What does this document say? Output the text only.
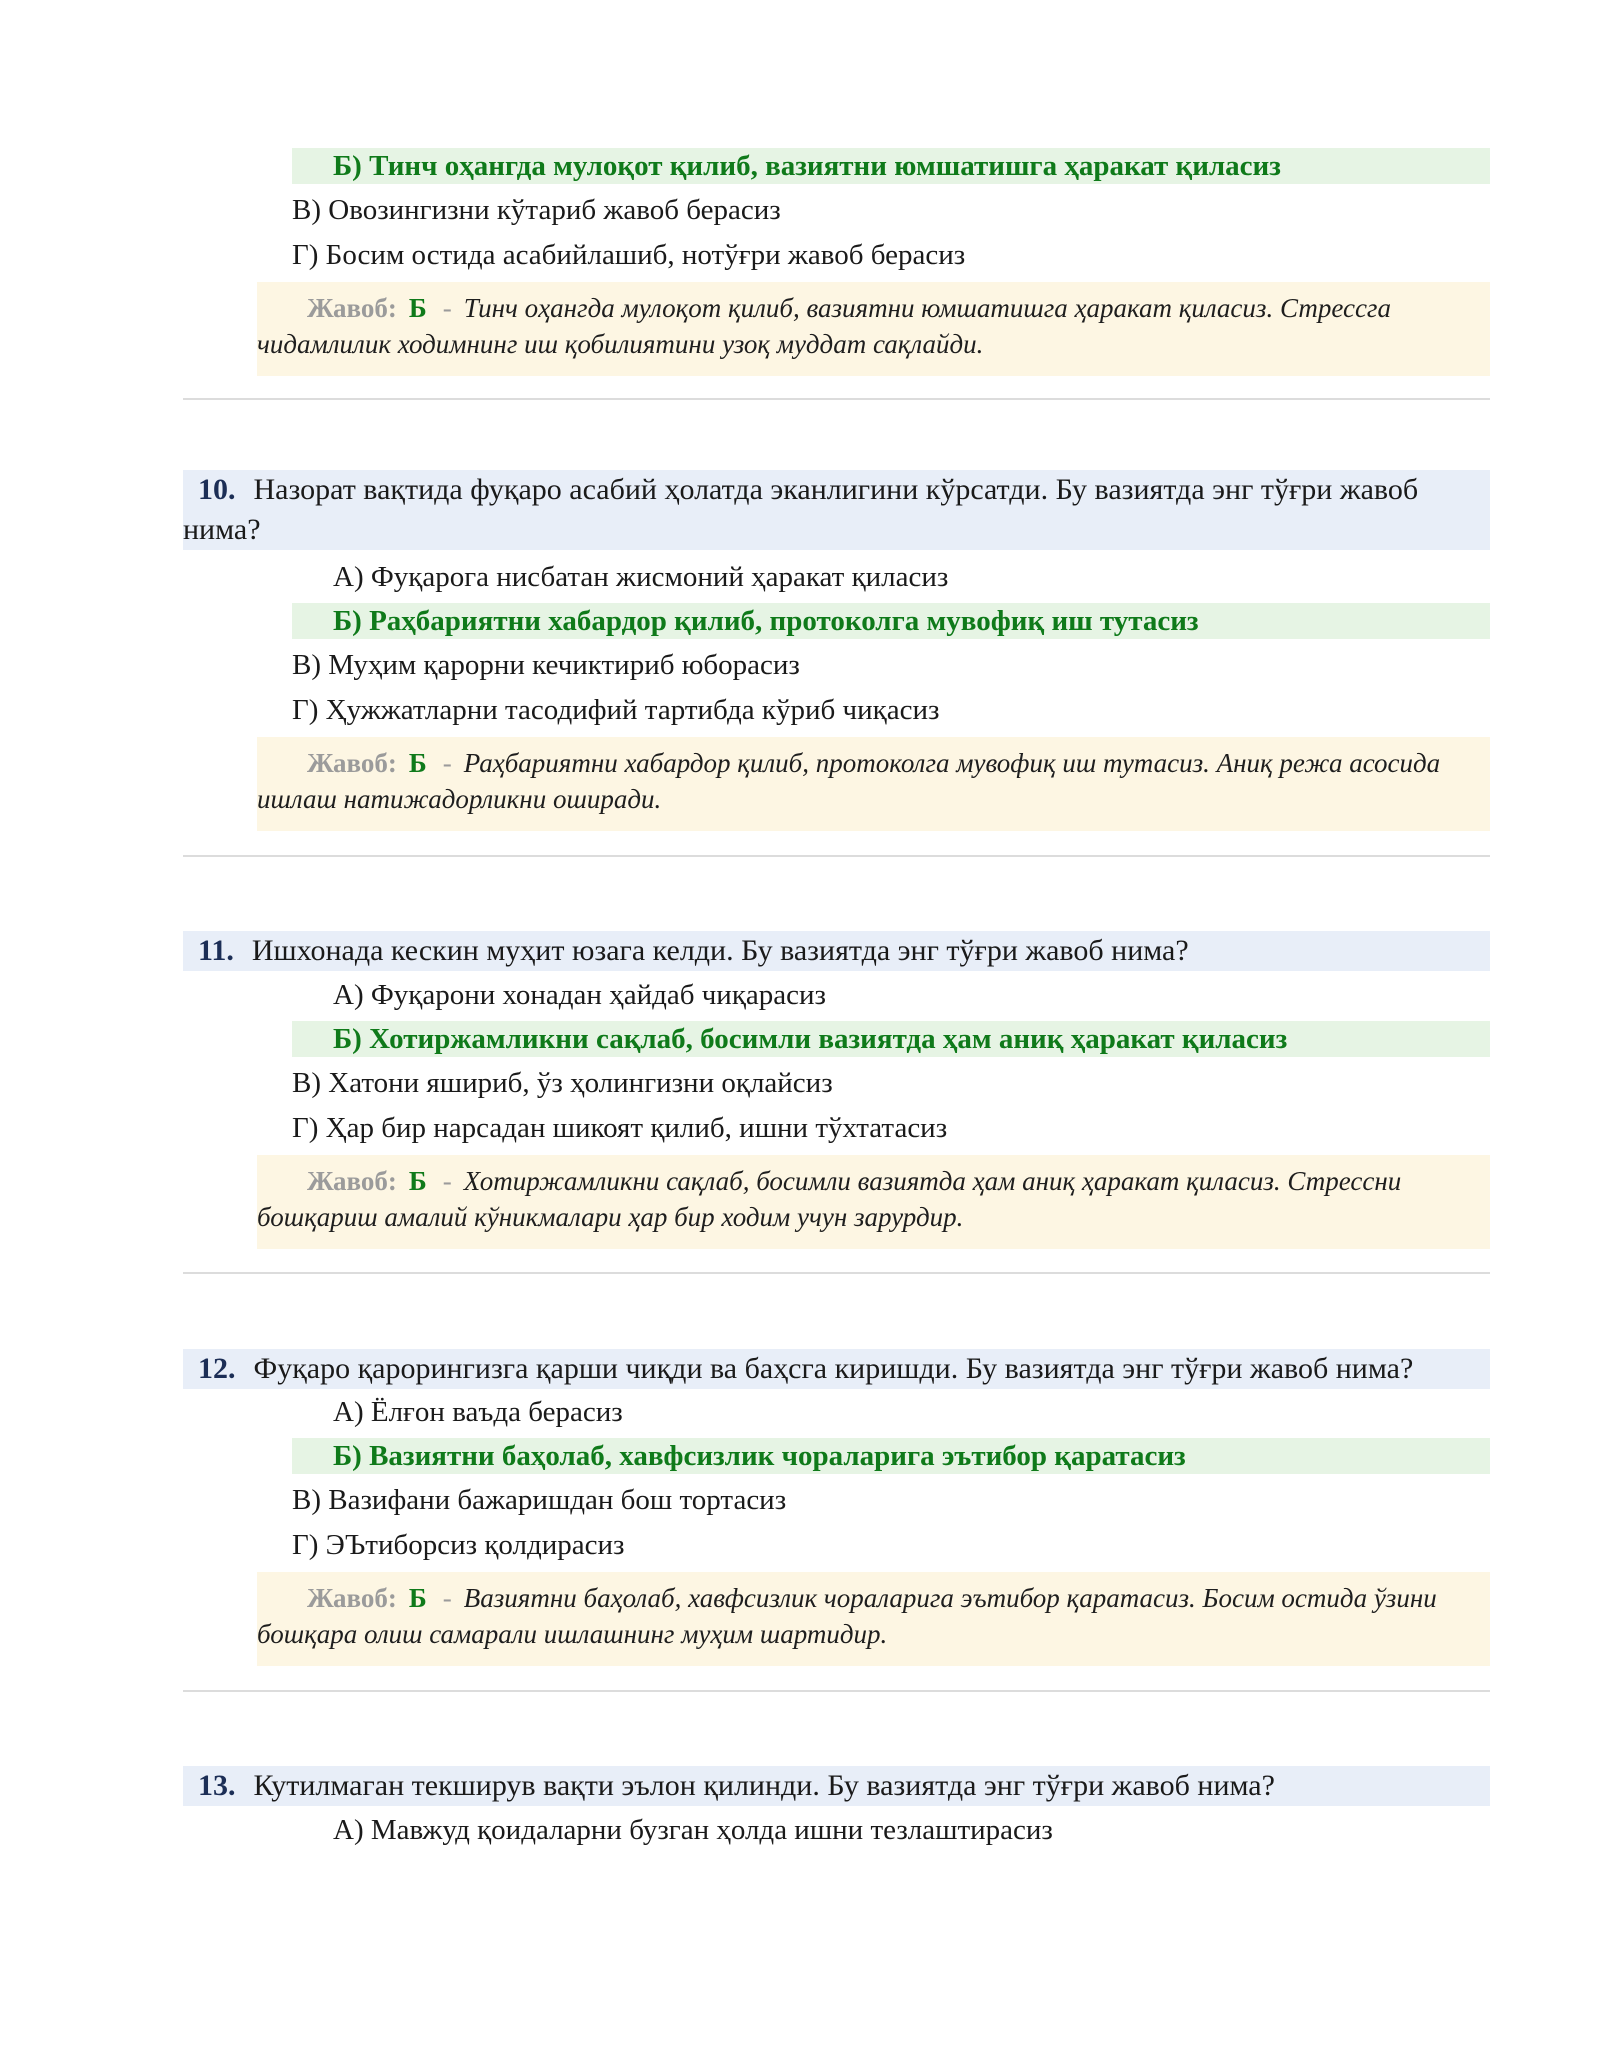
Б) Тинч оҳангда мулоқот қилиб, вазиятни юмшатишга ҳаракат қиласиз
В) Овозингизни кўтариб жавоб берасиз
Г) Босим остида асабийлашиб, нотўғри жавоб берасиз
Жавоб: Б - Тинч оҳангда мулоқот қилиб, вазиятни юмшатишга ҳаракат қиласиз. Стрессга чидамлилик ходимнинг иш қобилиятини узоқ муддат сақлайди.
10. Назорат вақтида фуқаро асабий ҳолатда эканлигини кўрсатди. Бу вазиятда энг тўғри жавоб нима?
А) Фуқарога нисбатан жисмоний ҳаракат қиласиз
Б) Раҳбариятни хабардор қилиб, протоколга мувофиқ иш тутасиз
В) Муҳим қарорни кечиктириб юборасиз
Г) Ҳужжатларни тасодифий тартибда кўриб чиқасиз
Жавоб: Б - Раҳбариятни хабардор қилиб, протоколга мувофиқ иш тутасиз. Аниқ режа асосида ишлаш натижадорликни оширади.
11. Ишхонада кескин муҳит юзага келди. Бу вазиятда энг тўғри жавоб нима?
А) Фуқарони хонадан ҳайдаб чиқарасиз
Б) Хотиржамликни сақлаб, босимли вазиятда ҳам аниқ ҳаракат қиласиз
В) Хатони яшириб, ўз ҳолингизни оқлайсиз
Г) Ҳар бир нарсадан шикоят қилиб, ишни тўхтатасиз
Жавоб: Б - Хотиржамликни сақлаб, босимли вазиятда ҳам аниқ ҳаракат қиласиз. Стрессни бошқариш амалий кўникмалари ҳар бир ходим учун зарурдир.
12. Фуқаро қарорингизга қарши чиқди ва баҳсга киришди. Бу вазиятда энг тўғри жавоб нима?
А) Ёлғон ваъда берасиз
Б) Вазиятни баҳолаб, хавфсизлик чораларига эътибор қаратасиз
В) Вазифани бажаришдан бош тортасиз
Г) ЭЪтиборсиз қолдирасиз
Жавоб: Б - Вазиятни баҳолаб, хавфсизлик чораларига эътибор қаратасиз. Босим остида ўзини бошқара олиш самарали ишлашнинг муҳим шартидир.
13. Кутилмаган текширув вақти эълон қилинди. Бу вазиятда энг тўғри жавоб нима?
А) Мавжуд қоидаларни бузган ҳолда ишни тезлаштирасиз
